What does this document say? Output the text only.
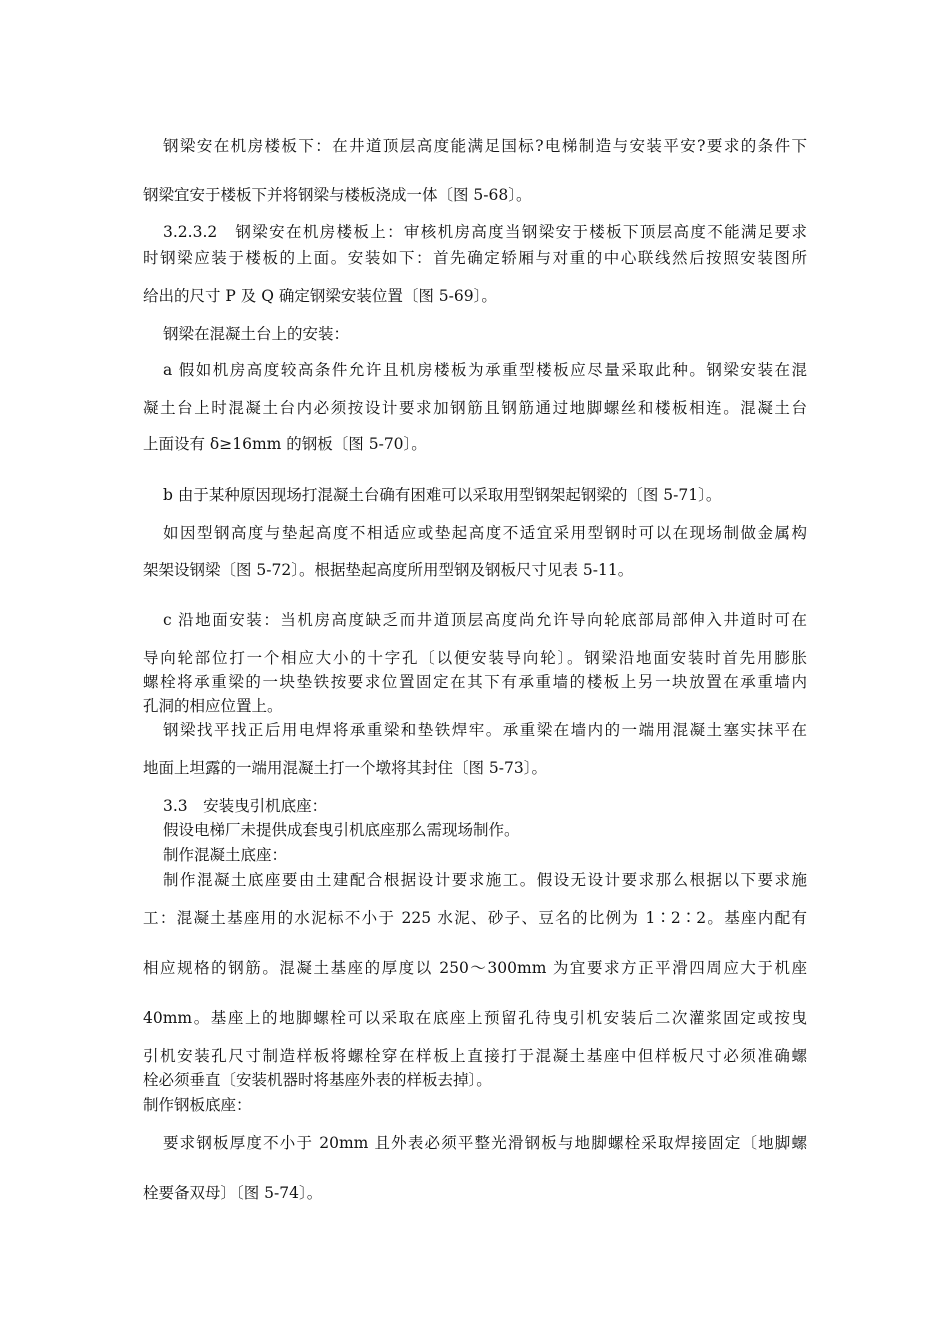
钢梁安在机房楼板下：在井道顶层高度能满足国标?电梯制造与安装平安?要求的条件下

钢梁宜安于楼板下并将钢梁与楼板浇成一体〔图 5-68〕。

3.2.3.2　钢梁安在机房楼板上：审核机房高度当钢梁安于楼板下顶层高度不能满足要求

时钢梁应装于楼板的上面。安装如下：首先确定轿厢与对重的中心联线然后按照安装图所

给出的尺寸 P 及 Q 确定钢梁安装位置〔图 5-69〕。

钢梁在混凝土台上的安装：

a 假如机房高度较高条件允许且机房楼板为承重型楼板应尽量采取此种。钢梁安装在混

凝土台上时混凝土台内必须按设计要求加钢筋且钢筋通过地脚螺丝和楼板相连。混凝土台

上面设有 δ≥16mm 的钢板〔图 5-70〕。

b 由于某种原因现场打混凝土台确有困难可以采取用型钢架起钢梁的〔图 5-71〕。

如因型钢高度与垫起高度不相适应或垫起高度不适宜采用型钢时可以在现场制做金属构

架架设钢梁〔图 5-72〕。根据垫起高度所用型钢及钢板尺寸见表 5-11。

c 沿地面安装：当机房高度缺乏而井道顶层高度尚允许导向轮底部局部伸入井道时可在

导向轮部位打一个相应大小的十字孔〔以便安装导向轮〕。钢梁沿地面安装时首先用膨胀

螺栓将承重梁的一块垫铁按要求位置固定在其下有承重墙的楼板上另一块放置在承重墙内

孔洞的相应位置上。

钢梁找平找正后用电焊将承重梁和垫铁焊牢。承重梁在墙内的一端用混凝土塞实抹平在

地面上坦露的一端用混凝土打一个墩将其封住〔图 5-73〕。

3.3　安装曳引机底座：

假设电梯厂未提供成套曳引机底座那么需现场制作。

制作混凝土底座：

制作混凝土底座要由土建配合根据设计要求施工。假设无设计要求那么根据以下要求施

工：混凝土基座用的水泥标不小于 225 水泥、砂子、豆名的比例为 1∶2∶2。基座内配有

相应规格的钢筋。混凝土基座的厚度以 250～300mm 为宜要求方正平滑四周应大于机座

40mm。基座上的地脚螺栓可以采取在底座上预留孔待曳引机安装后二次灌浆固定或按曳

引机安装孔尺寸制造样板将螺栓穿在样板上直接打于混凝土基座中但样板尺寸必须准确螺

栓必须垂直〔安装机器时将基座外表的样板去掉〕。

制作钢板底座：

要求钢板厚度不小于 20mm 且外表必须平整光滑钢板与地脚螺栓采取焊接固定〔地脚螺

栓要备双母〕〔图 5-74〕。
